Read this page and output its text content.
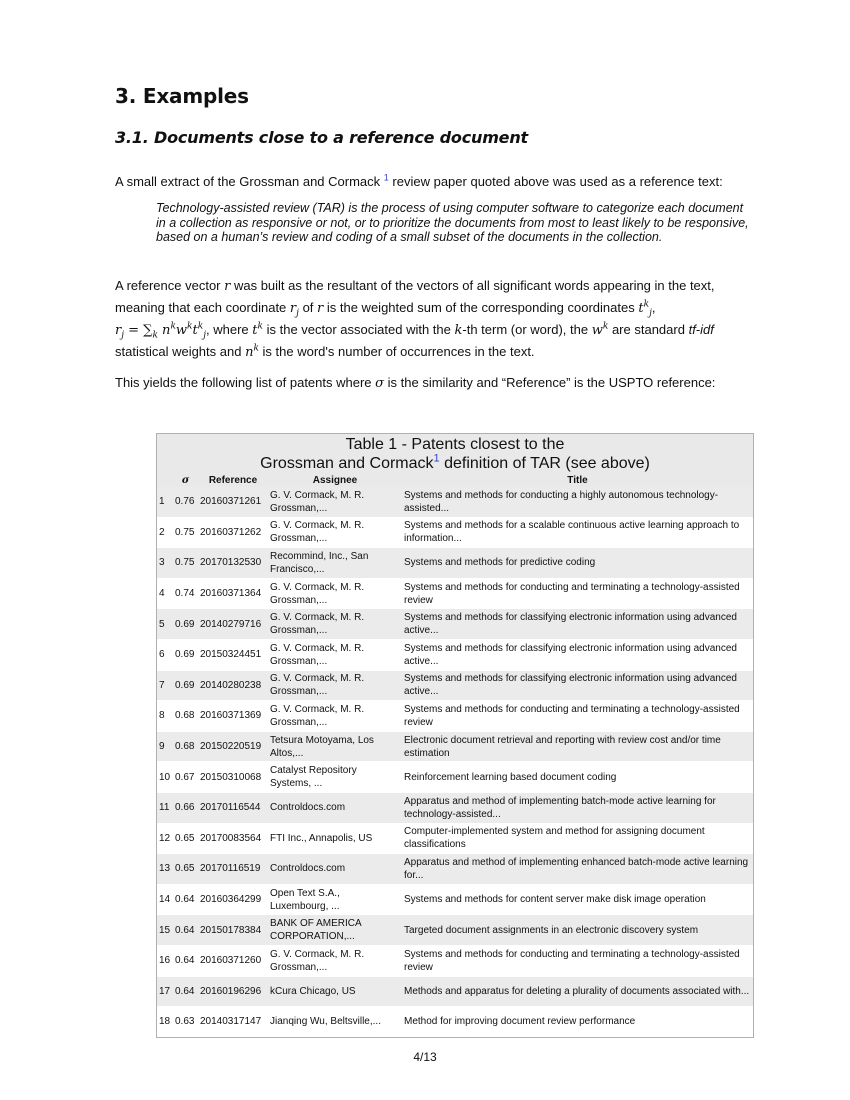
3. Examples
3.1. Documents close to a reference document

A small extract of the Grossman and Cormack $^1$ review paper quoted above was used as a reference text:

Technology-assisted review (TAR) is the process of using computer software to categorize each document in a collection as responsive or not, or to prioritize the documents from most to least likely to be responsive, based on a human’s review and coding of a small subset of the documents in the collection.

A reference vector r was built as the resultant of the vectors of all significant words appearing in the text, meaning that each coordinate $r_j$ of r is the weighted sum of the corresponding coordinates $t^k_j$,
$r_j = \sum_k$ $n^kw^kt^k_j$, where $t^k$ is the vector associated with the k-th term (or word), the $w^k$ are standard tf-idf
statistical weights and $n^k$ is the word's number of occurrences in the text.

This yields the following list of patents where σ is the similarity and “Reference” is the USPTO reference:

Table 1 - Patents closest to the
Grossman and Cormack$^1$ definition of TAR (see above)
	σ	Reference	Assignee	Title
1	0.76	20160371261	G. V. Cormack, M. R. Grossman,...	Systems and methods for conducting a highly autonomous technology-assisted...
2	0.75	20160371262	G. V. Cormack, M. R. Grossman,...	Systems and methods for a scalable continuous active learning approach to information...
3	0.75	20170132530	Recommind, Inc., San Francisco,...	Systems and methods for predictive coding
4	0.74	20160371364	G. V. Cormack, M. R. Grossman,...	Systems and methods for conducting and terminating a technology-assisted review
5	0.69	20140279716	G. V. Cormack, M. R. Grossman,...	Systems and methods for classifying electronic information using advanced active...
6	0.69	20150324451	G. V. Cormack, M. R. Grossman,...	Systems and methods for classifying electronic information using advanced active...
7	0.69	20140280238	G. V. Cormack, M. R. Grossman,...	Systems and methods for classifying electronic information using advanced active...
8	0.68	20160371369	G. V. Cormack, M. R. Grossman,...	Systems and methods for conducting and terminating a technology-assisted review
9	0.68	20150220519	Tetsura Motoyama, Los Altos,...	Electronic document retrieval and reporting with review cost and/or time estimation
10	0.67	20150310068	Catalyst Repository Systems, ...	Reinforcement learning based document coding
11	0.66	20170116544	Controldocs.com	Apparatus and method of implementing batch-mode active learning for technology-assisted...
12	0.65	20170083564	FTI Inc., Annapolis, US	Computer-implemented system and method for assigning document classifications
13	0.65	20170116519	Controldocs.com	Apparatus and method of implementing enhanced batch-mode active learning for...
14	0.64	20160364299	Open Text S.A., Luxembourg, ...	Systems and methods for content server make disk image operation
15	0.64	20150178384	BANK OF AMERICA CORPORATION,...	Targeted document assignments in an electronic discovery system
16	0.64	20160371260	G. V. Cormack, M. R. Grossman,...	Systems and methods for conducting and terminating a technology-assisted review
17	0.64	20160196296	kCura Chicago, US	Methods and apparatus for deleting a plurality of documents associated with...
18	0.63	20140317147	Jianqing Wu, Beltsville,...	Method for improving document review performance
4/13
